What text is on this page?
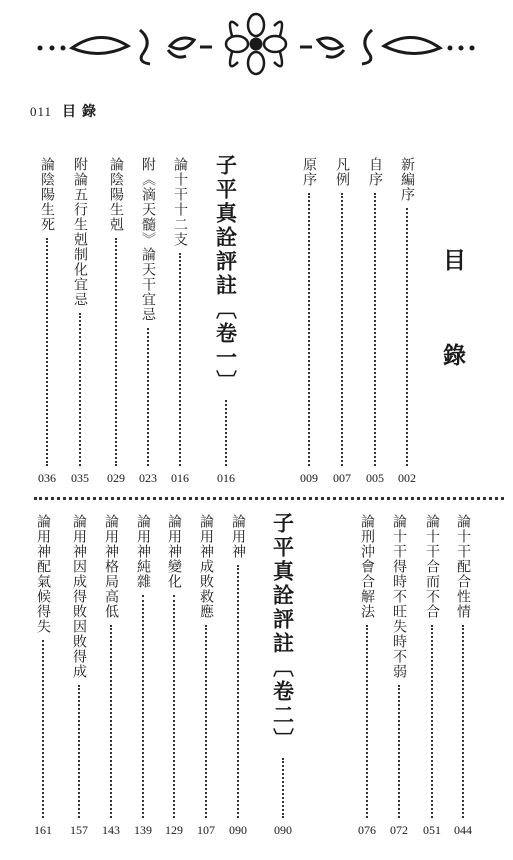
011 目錄
目
錄
新編序
002
自序
005
凡例
007
原序
009
子平真詮評註〔卷一〕
016
論十干十二支
016
附《滴天髓》論天干宜忌
023
論陰陽生剋
029
附論五行生剋制化宜忌
035
論陰陽生死
036
論十干配合性情
044
論十干合而不合
051
論十干得時不旺失時不弱
072
論刑沖會合解法
076
子平真詮評註〔卷二〕
090
論用神
090
論用神成敗救應
107
論用神變化
129
論用神純雜
139
論用神格局高低
143
論用神因成得敗因敗得成
157
論用神配氣候得失
161
